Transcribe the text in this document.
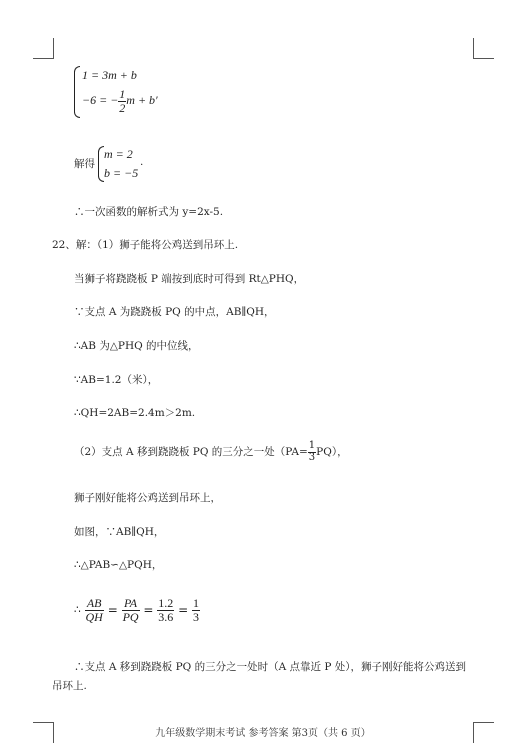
1 = 3m + b
−6 = − $\frac{1}{2}$ m + b′
解得
m = 2
b = −5
.
∴一次函数的解析式为 y=2x-5.
22、解：（1）狮子能将公鸡送到吊环上.
当狮子将跷跷板 P 端按到底时可得到 Rt△PHQ，
∵支点 A 为跷跷板 PQ 的中点，AB∥QH，
∴AB 为△PHQ 的中位线，
∵AB=1.2（米），
∴QH=2AB=2.4m＞2m.
（2）支点 A 移到跷跷板 PQ 的三分之一处$(PA= \frac{1}{3} PQ)$，
狮子刚好能将公鸡送到吊环上，
如图，∵AB∥QH，
∴△PAB∽△PQH，
∴ $\frac{AB}{QH} = \frac{PA}{PQ} = \frac{1.2}{3.6} = \frac{1}{3}$
∴支点 A 移到跷跷板 PQ 的三分之一处时（A 点靠近 P 处），狮子刚好能将公鸡送到
吊环上.
九年级数学期末考试 参考答案 第3页（共 6 页）
